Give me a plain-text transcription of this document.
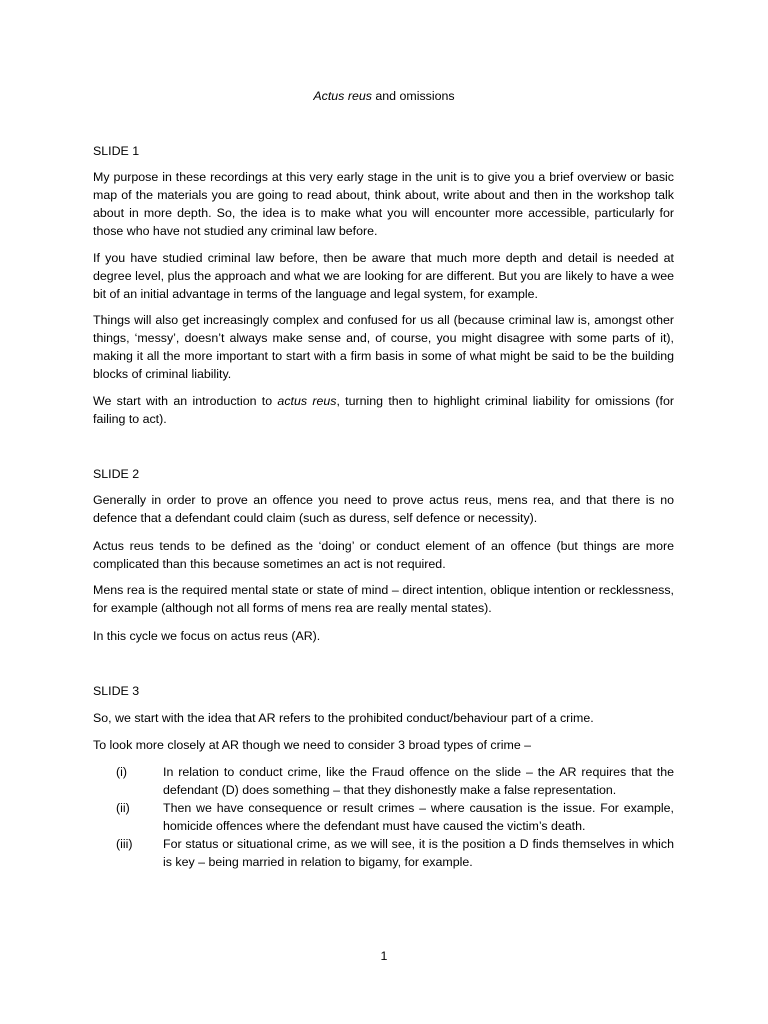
Actus reus and omissions
SLIDE 1
My purpose in these recordings at this very early stage in the unit is to give you a brief overview or basic map of the materials you are going to read about, think about, write about and then in the workshop talk about in more depth. So, the idea is to make what you will encounter more accessible, particularly for those who have not studied any criminal law before.
If you have studied criminal law before, then be aware that much more depth and detail is needed at degree level, plus the approach and what we are looking for are different. But you are likely to have a wee bit of an initial advantage in terms of the language and legal system, for example.
Things will also get increasingly complex and confused for us all (because criminal law is, amongst other things, ‘messy’, doesn’t always make sense and, of course, you might disagree with some parts of it), making it all the more important to start with a firm basis in some of what might be said to be the building blocks of criminal liability.
We start with an introduction to actus reus, turning then to highlight criminal liability for omissions (for failing to act).
SLIDE 2
Generally in order to prove an offence you need to prove actus reus, mens rea, and that there is no defence that a defendant could claim (such as duress, self defence or necessity).
Actus reus tends to be defined as the ‘doing’ or conduct element of an offence (but things are more complicated than this because sometimes an act is not required.
Mens rea is the required mental state or state of mind – direct intention, oblique intention or recklessness, for example (although not all forms of mens rea are really mental states).
In this cycle we focus on actus reus (AR).
SLIDE 3
So, we start with the idea that AR refers to the prohibited conduct/behaviour part of a crime.
To look more closely at AR though we need to consider 3 broad types of crime –
(i)	In relation to conduct crime, like the Fraud offence on the slide – the AR requires that the defendant (D) does something – that they dishonestly make a false representation.
(ii)	Then we have consequence or result crimes – where causation is the issue. For example, homicide offences where the defendant must have caused the victim’s death.
(iii) For status or situational crime, as we will see, it is the position a D finds themselves in which is key – being married in relation to bigamy, for example.
1
